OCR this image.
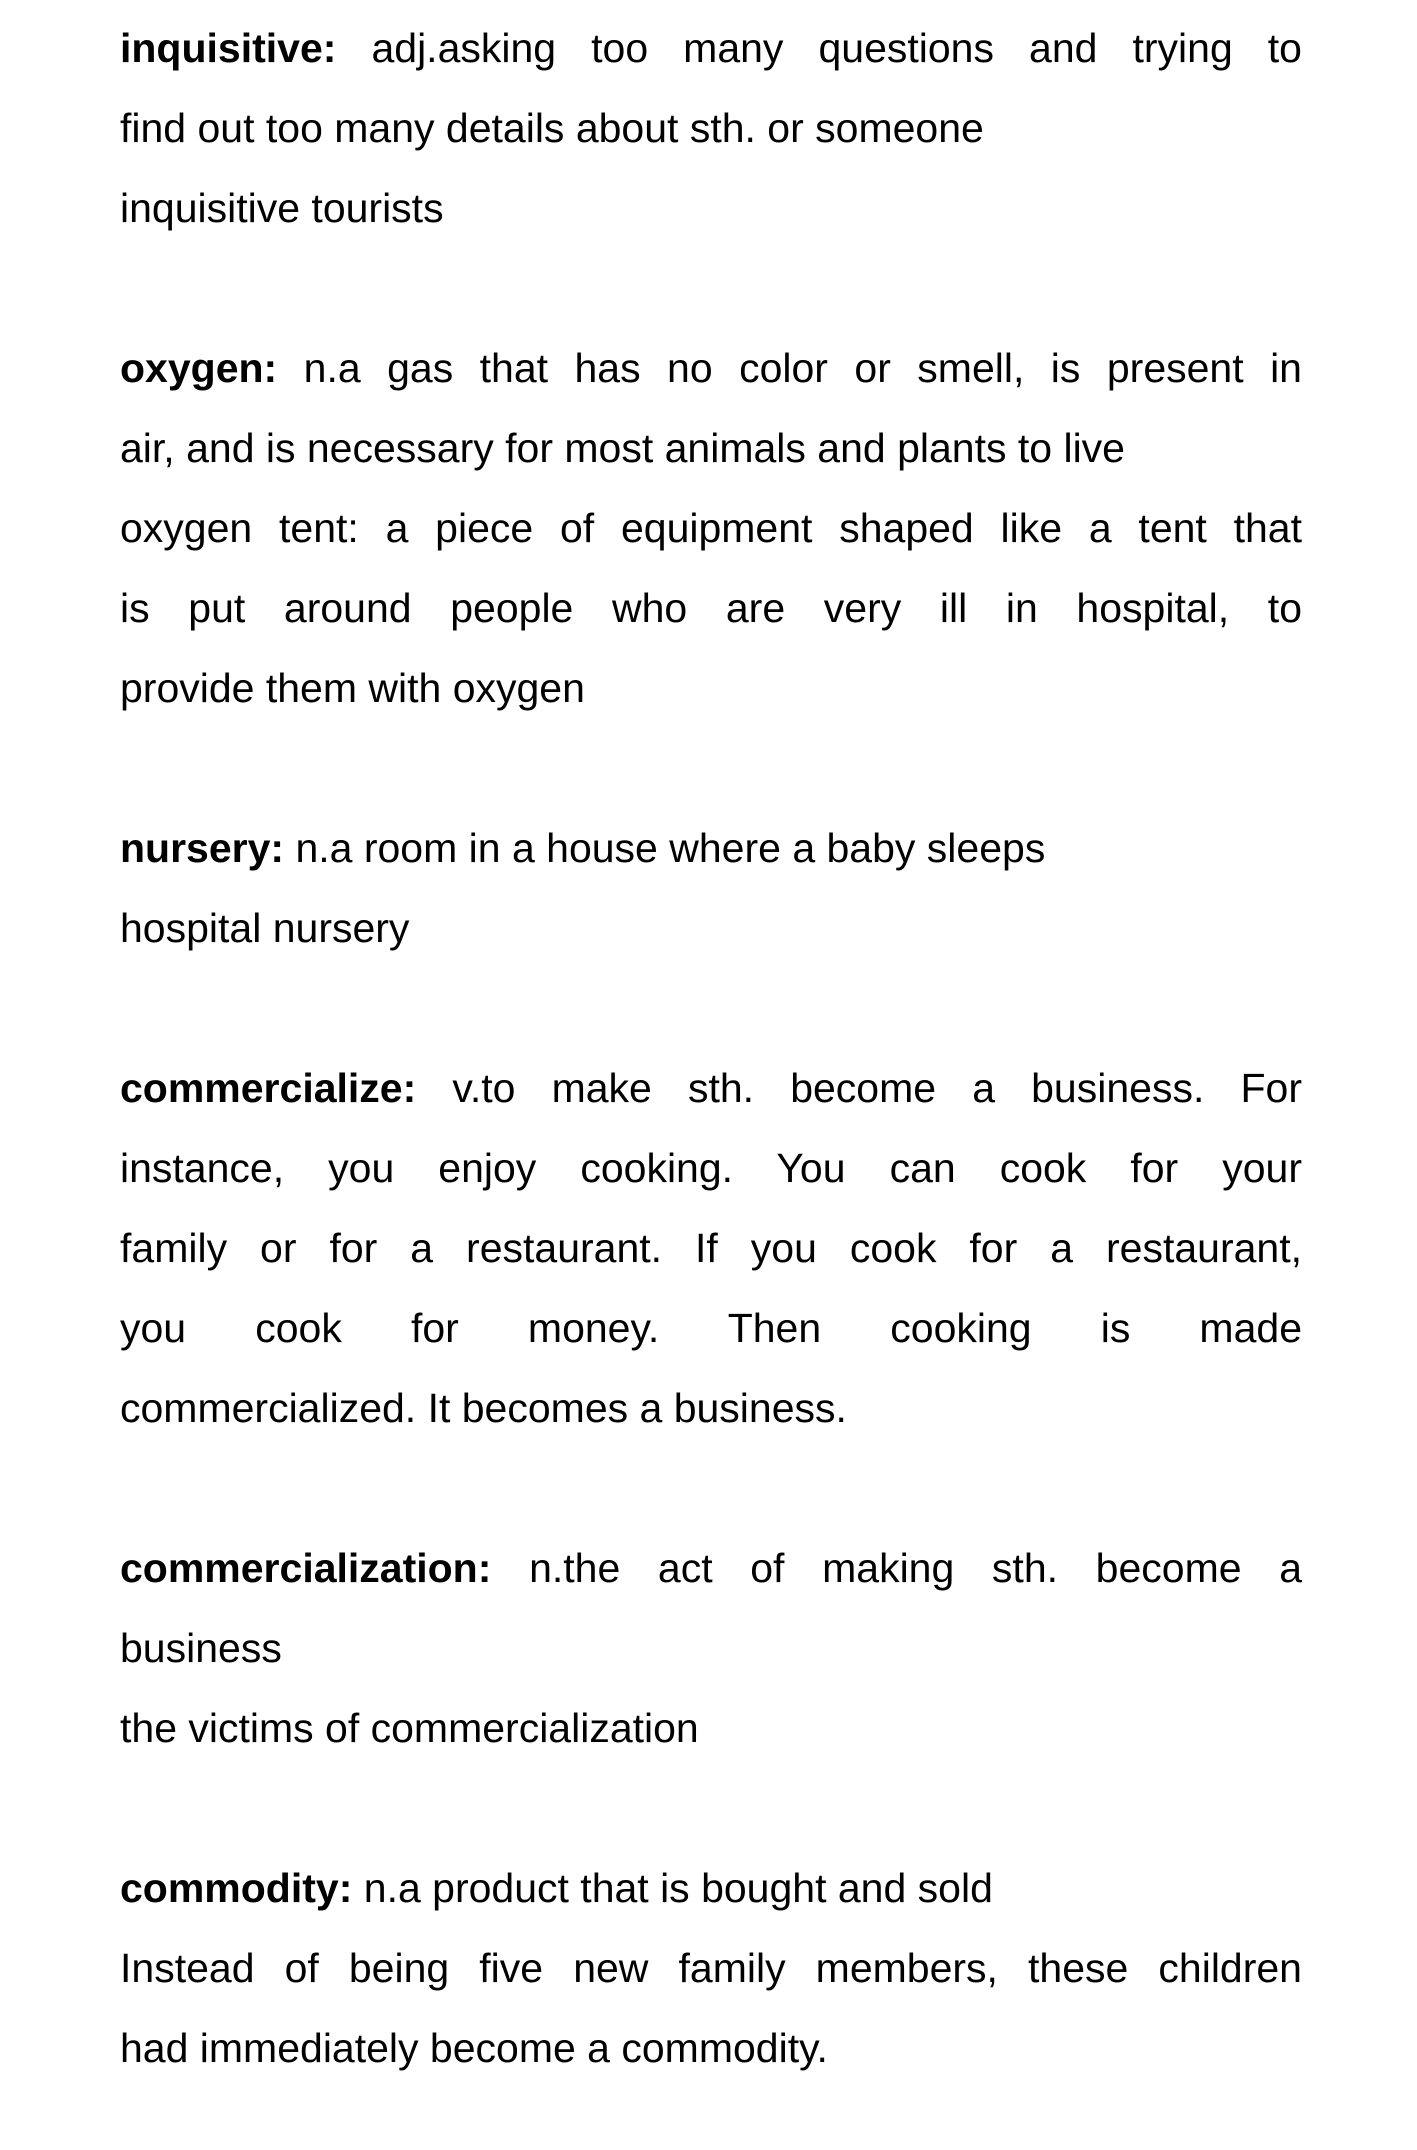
inquisitive: adj.asking too many questions and trying to
find out too many details about sth. or someone
inquisitive tourists
oxygen: n.a gas that has no color or smell, is present in
air, and is necessary for most animals and plants to live
oxygen tent: a piece of equipment shaped like a tent that
is put around people who are very ill in hospital, to
provide them with oxygen
nursery: n.a room in a house where a baby sleeps
hospital nursery
commercialize: v.to make sth. become a business. For
instance, you enjoy cooking. You can cook for your
family or for a restaurant. If you cook for a restaurant,
you cook for money. Then cooking is made
commercialized. It becomes a business.
commercialization: n.the act of making sth. become a
business
the victims of commercialization
commodity: n.a product that is bought and sold
Instead of being five new family members, these children
had immediately become a commodity.
